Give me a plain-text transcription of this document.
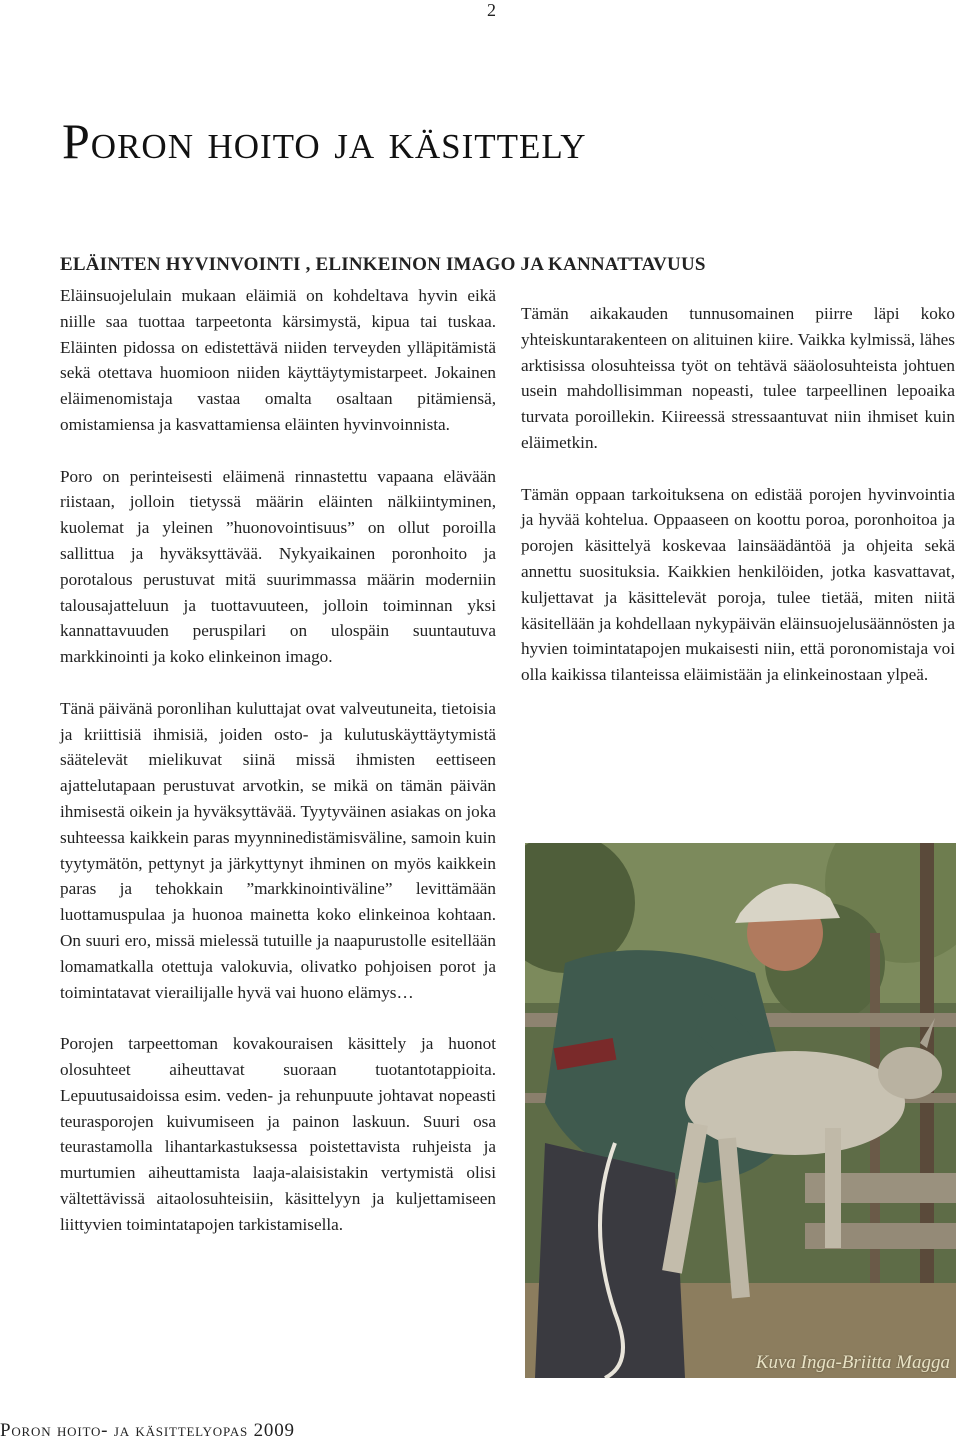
2
Poron hoito ja käsittely
ELÄINTEN HYVINVOINTI , ELINKEINON IMAGO JA KANNATTAVUUS

Eläinsuojelulain mukaan eläimiä on kohdeltava hyvin eikä niille saa tuottaa tarpeetonta kärsimystä, kipua tai tuskaa. Eläinten pidossa on edistettävä niiden terveyden ylläpitämistä sekä otettava huomioon niiden käyttäytymistarpeet. Jokainen eläimenomistaja vastaa omalta osaltaan pitämiensä, omistamiensa ja kasvattamiensa eläinten hyvinvoinnista.

Poro on perinteisesti eläimenä rinnastettu vapaana elävään riistaan, jolloin tietyssä määrin eläinten nälkiintyminen, kuolemat ja yleinen ”huonovointisuus” on ollut poroilla sallittua ja hyväksyttävää. Nykyaikainen poronhoito ja porotalous perustuvat mitä suurimmassa määrin moderniin talousajatteluun ja tuottavuuteen, jolloin toiminnan yksi kannattavuuden peruspilari on ulospäin suuntautuva markkinointi ja koko elinkeinon imago.

Tänä päivänä poronlihan kuluttajat ovat valveutuneita, tietoisia ja kriittisiä ihmisiä, joiden osto- ja kulutuskäyttäytymistä säätelevät mielikuvat siinä missä ihmisten eettiseen ajattelutapaan perustuvat arvotkin, se mikä on tämän päivän ihmisestä oikein ja hyväksyttävää. Tyytyväinen asiakas on joka suhteessa kaikkein paras myynninedistämisväline, samoin kuin tyytymätön, pettynyt ja järkyttynyt ihminen on myös kaikkein paras ja tehokkain ”markkinointiväline” levittämään luottamuspulaa ja huonoa mainetta koko elinkeinoa kohtaan. On suuri ero, missä mielessä tutuille ja naapurustolle esitellään lomamatkalla otettuja valokuvia, olivatko pohjoisen porot ja toimintatavat vierailijalle hyvä vai huono elämys…

Porojen tarpeettoman kovakouraisen käsittely ja huonot olosuhteet aiheuttavat suoraan tuotantotappioita. Lepuutusaidoissa esim. veden- ja rehunpuute johtavat nopeasti teurasporojen kuivumiseen ja painon laskuun. Suuri osa teurastamolla lihantarkastuksessa poistettavista ruhjeista ja murtumien aiheuttamista laaja-alaisistakin vertymistä olisi vältettävissä aitaolosuhteisiin, käsittelyyn ja kuljettamiseen liittyvien toimintatapojen tarkistamisella.

Tämän aikakauden tunnusomainen piirre läpi koko yhteiskuntarakenteen on alituinen kiire. Vaikka kylmissä, lähes arktisissa olosuhteissa työt on tehtävä sääolosuhteista johtuen usein mahdollisimman nopeasti, tulee tarpeellinen lepoaika turvata poroillekin. Kiireessä stressaantuvat niin ihmiset kuin eläimetkin.

Tämän oppaan tarkoituksena on edistää porojen hyvinvointia ja hyvää kohtelua. Oppaaseen on koottu poroa, poronhoitoa ja porojen käsittelyä koskevaa lainsäädäntöä ja ohjeita sekä annettu suosituksia. Kaikkien henkilöiden, jotka kasvattavat, kuljettavat ja käsittelevät poroja, tulee tietää, miten niitä käsitellään ja kohdellaan nykypäivän eläinsuojelusäännösten ja hyvien toimintatapojen mukaisesti niin, että poronomistaja voi olla kaikissa tilanteissa eläimistään ja elinkeinostaan ylpeä.

Kuva Inga-Briitta Magga
Poron hoito- ja käsittelyopas 2009
